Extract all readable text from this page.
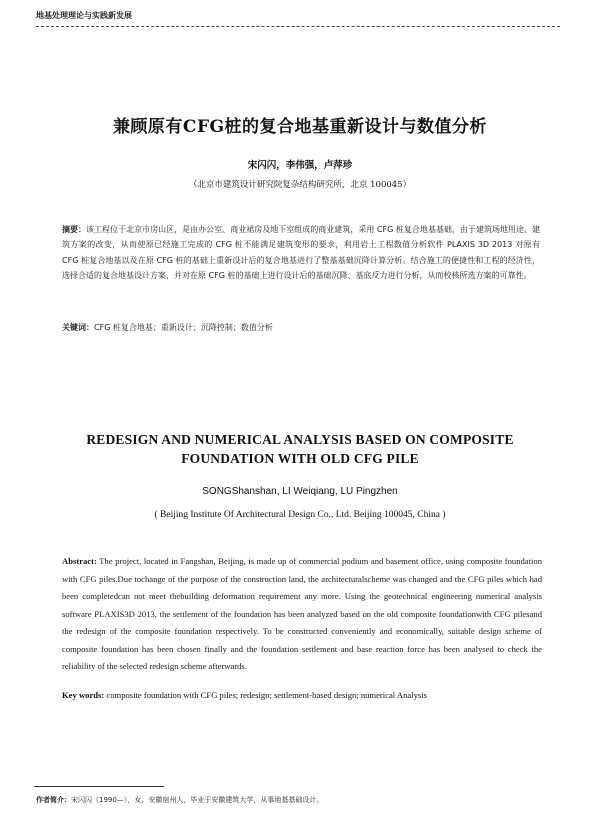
地基处理理论与实践新发展
兼顾原有CFG桩的复合地基重新设计与数值分析
宋闪闪，李伟强，卢萍珍
（北京市建筑设计研究院复杂结构研究所，北京 100045）
摘要：该工程位于北京市房山区，是由办公室、商业裙房及地下室组成的商业建筑，采用 CFG 桩复合地基基础，由于建筑场地用途、建筑方案的改变，从而使原已经施工完成的 CFG 桩不能满足建筑变形的要求，利用岩土工程数值分析软件 PLAXIS 3D 2013 对原有 CFG 桩复合地基以及在原 CFG 桩的基础上重新设计后的复合地基进行了整基基础沉降计算分析。结合施工的便捷性和工程的经济性，选择合适的复合地基设计方案，并对在原 CFG 桩的基础上进行设计后的基础沉降、基底反力进行分析，从而校核所选方案的可靠性。
关键词：CFG 桩复合地基；重新设计；沉降控制；数值分析
REDESIGN AND NUMERICAL ANALYSIS BASED ON COMPOSITE
FOUNDATION WITH OLD CFG PILE
SONGShanshan, LI Weiqiang, LU Pingzhen
( Beijing Institute Of Architectural Design Co., Ltd. Beijing 100045, China )
Abstract: The project, located in Fangshan, Beijing, is made up of commercial podium and basement office, using composite foundation with CFG piles.Due tochange of the purpose of the construction land, the architecturalscheme was changed and the CFG piles which had been completedcan not meet thebuilding deformation requirement any more. Using the geotechnical engineering numerical analysis software PLAXIS3D 2013, the settlement of the foundation has been analyzed based on the old composite foundationwith CFG pilesand the redesign of the composite foundation respectively. To be constructed conveniently and economically, suitable design scheme of composite foundation has been chosen finally and the foundation settlement and base reaction force has been analysed to check the reliability of the selected redesign scheme afterwards.
Key words: composite foundation with CFG piles; redesign; settlement-based design; numerical Analysis
作者简介：宋闪闪（1990—），女，安徽宿州人，毕业于安徽建筑大学，从事地基基础设计。
